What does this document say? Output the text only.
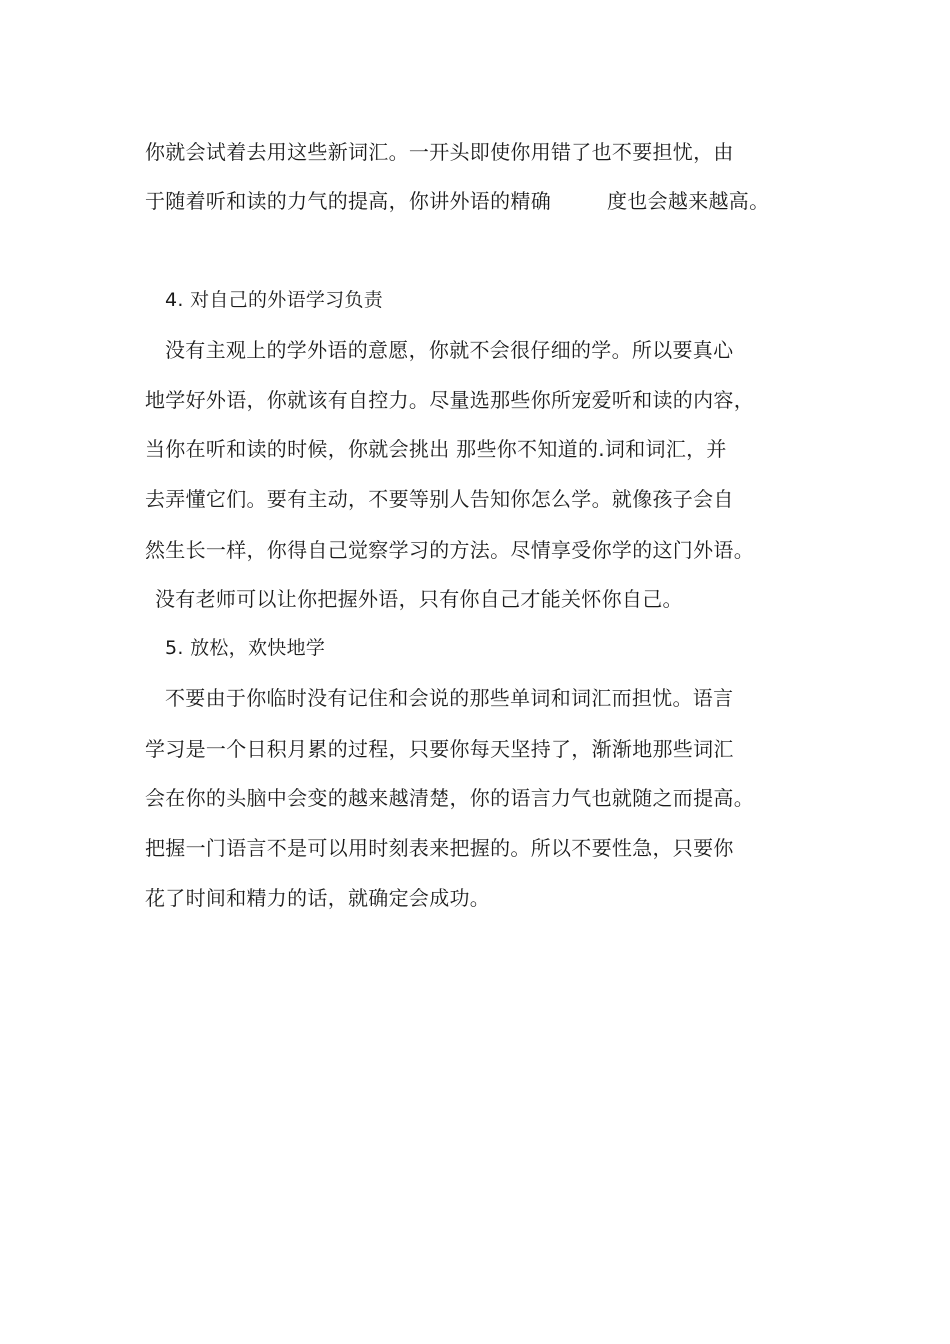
你就会试着去用这些新词汇。一开头即使你用错了也不要担忧，由
于随着听和读的力气的提高，你讲外语的精确	度也会越来越高。
4. 对自己的外语学习负责
没有主观上的学外语的意愿，你就不会很仔细的学。所以要真心
地学好外语，你就该有自控力。尽量选那些你所宠爱听和读的内容，
当你在听和读的时候，你就会挑出 那些你不知道的.词和词汇，并
去弄懂它们。要有主动，不要等别人告知你怎么学。就像孩子会自
然生长一样，你得自己觉察学习的方法。尽情享受你学的这门外语。
没有老师可以让你把握外语，只有你自己才能关怀你自己。
5. 放松，欢快地学
不要由于你临时没有记住和会说的那些单词和词汇而担忧。语言
学习是一个日积月累的过程，只要你每天坚持了，渐渐地那些词汇
会在你的头脑中会变的越来越清楚，你的语言力气也就随之而提高。
把握一门语言不是可以用时刻表来把握的。所以不要性急，只要你
花了时间和精力的话，就确定会成功。
